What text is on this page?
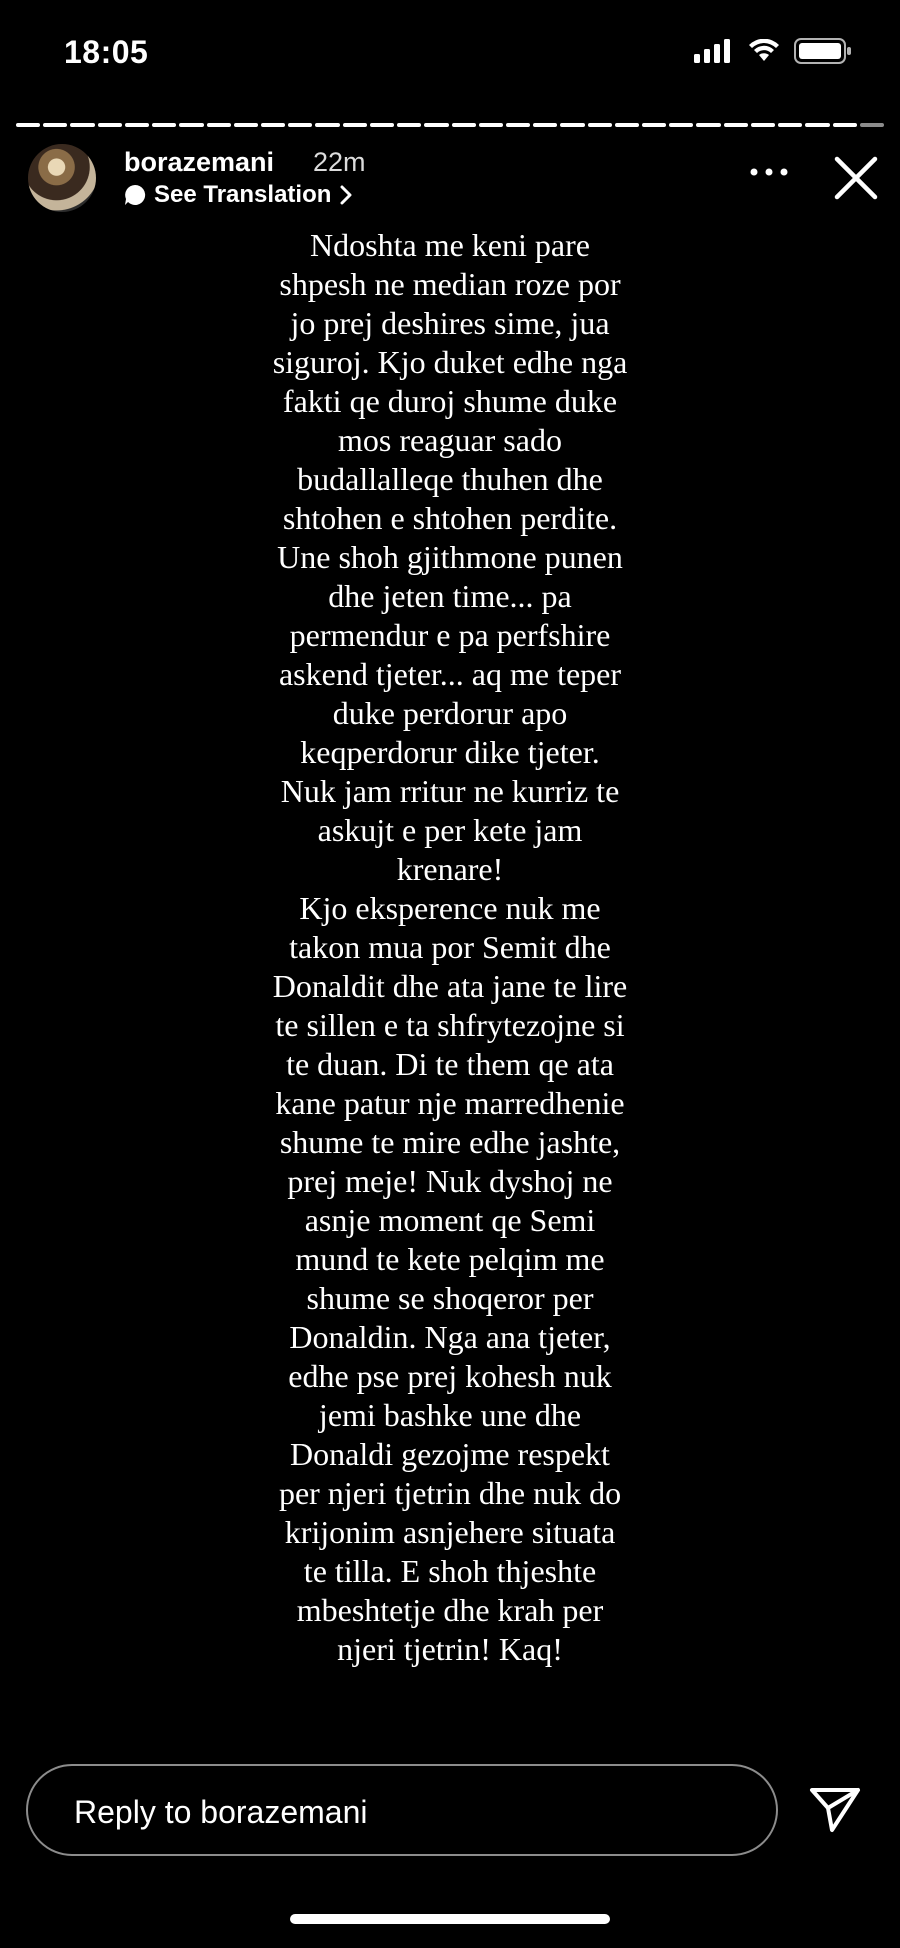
18:05
borazemani 22m
See Translation
Ndoshta me keni pare
shpesh ne median roze por
jo prej deshires sime, jua
siguroj. Kjo duket edhe nga
fakti qe duroj shume duke
mos reaguar sado
budallalleqe thuhen dhe
shtohen e shtohen perdite.
Une shoh gjithmone punen
dhe jeten time... pa
permendur e pa perfshire
askend tjeter... aq me teper
duke perdorur apo
keqperdorur dike tjeter.
Nuk jam rritur ne kurriz te
askujt e per kete jam
krenare!
Kjo eksperence nuk me
takon mua por Semit dhe
Donaldit dhe ata jane te lire
te sillen e ta shfrytezojne si
te duan. Di te them qe ata
kane patur nje marredhenie
shume te mire edhe jashte,
prej meje! Nuk dyshoj ne
asnje moment qe Semi
mund te kete pelqim me
shume se shoqeror per
Donaldin. Nga ana tjeter,
edhe pse prej kohesh nuk
jemi bashke une dhe
Donaldi gezojme respekt
per njeri tjetrin dhe nuk do
krijonim asnjehere situata
te tilla. E shoh thjeshte
mbeshtetje dhe krah per
njeri tjetrin! Kaq!
Reply to borazemani
